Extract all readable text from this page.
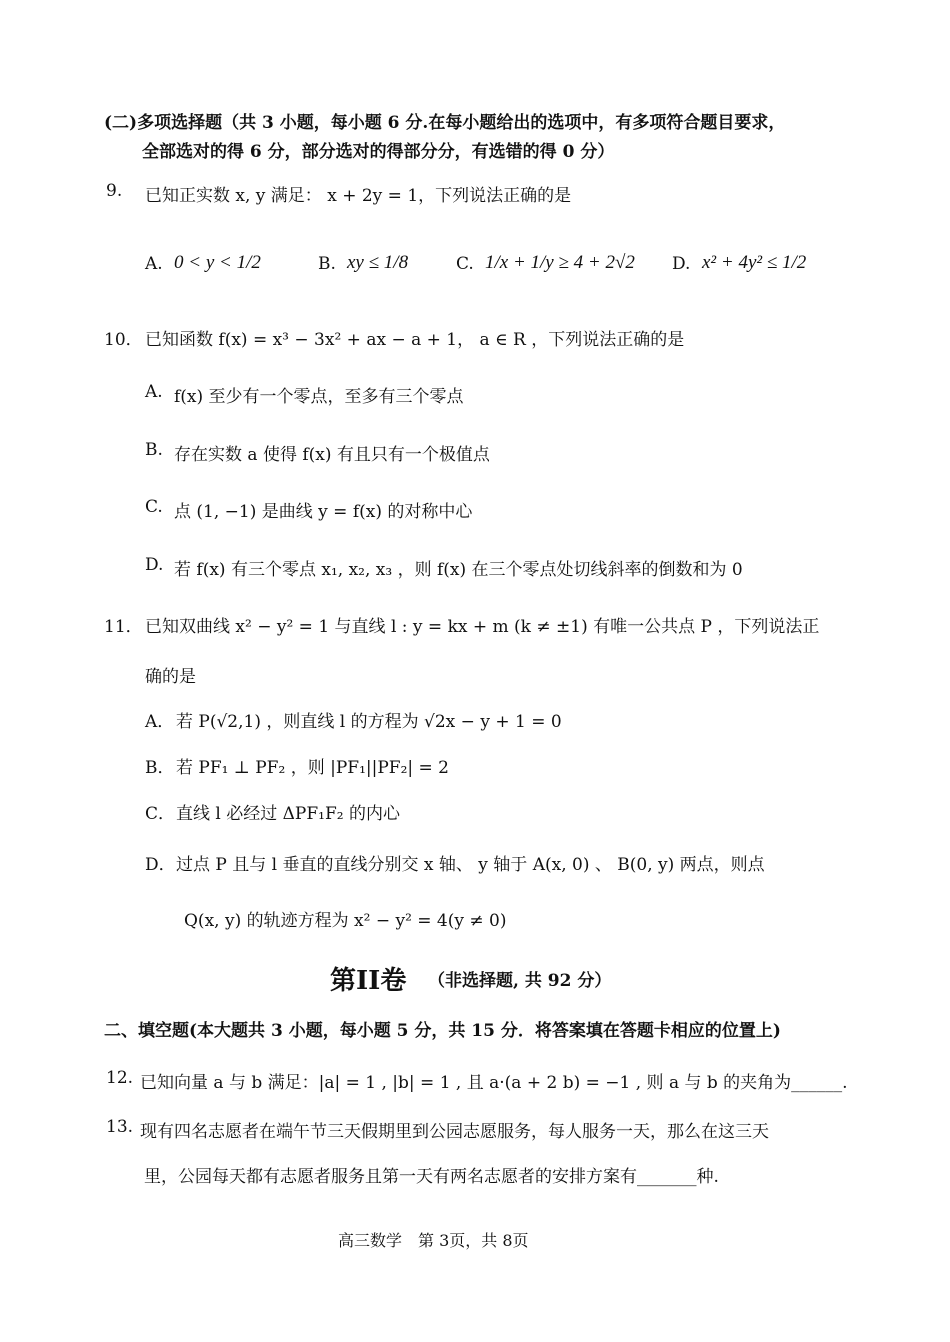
(二)多项选择题（共 3 小题，每小题 6 分.在每小题给出的选项中，有多项符合题目要求，
全部选对的得 6 分，部分选对的得部分分，有选错的得 0 分）
9. 已知正实数 x, y 满足： x + 2y = 1，下列说法正确的是
A. 0 < y < 1/2	B. xy ≤ 1/8	C. 1/x + 1/y ≥ 4 + 2√2 D. x² + 4y² ≤ 1/2
10． 已知函数 f(x) = x³ − 3x² + ax − a + 1， a ∈ R ，下列说法正确的是
A. f(x) 至少有一个零点，至多有三个零点
B. 存在实数 a 使得 f(x) 有且只有一个极值点
C. 点 (1, −1) 是曲线 y = f(x) 的对称中心
D. 若 f(x) 有三个零点 x₁, x₂, x₃ ，则 f(x) 在三个零点处切线斜率的倒数和为 0
11． 已知双曲线 x² − y² = 1 与直线 l : y = kx + m (k ≠ ±1) 有唯一公共点 P ，下列说法正
确的是
A． 若 P(√2,1) ，则直线 l 的方程为 √2x − y + 1 = 0
B． 若 PF₁ ⊥ PF₂ ，则 |PF₁||PF₂| = 2
C． 直线 l 必经过 ΔPF₁F₂ 的内心
D． 过点 P 且与 l 垂直的直线分别交 x 轴、 y 轴于 A(x, 0) 、 B(0, y) 两点，则点
Q(x, y) 的轨迹方程为 x² − y² = 4(y ≠ 0)
第II卷 （非选择题, 共 92 分）
二、填空题(本大题共 3 小题，每小题 5 分，共 15 分．将答案填在答题卡相应的位置上)
12. 已知向量 a 与 b 满足：|a| = 1 , |b| = 1 , 且 a·(a + 2 b) = −1 , 则 a 与 b 的夹角为______.
13. 现有四名志愿者在端午节三天假期里到公园志愿服务，每人服务一天，那么在这三天
里，公园每天都有志愿者服务且第一天有两名志愿者的安排方案有_______种.
高三数学　第 3页，共 8页
